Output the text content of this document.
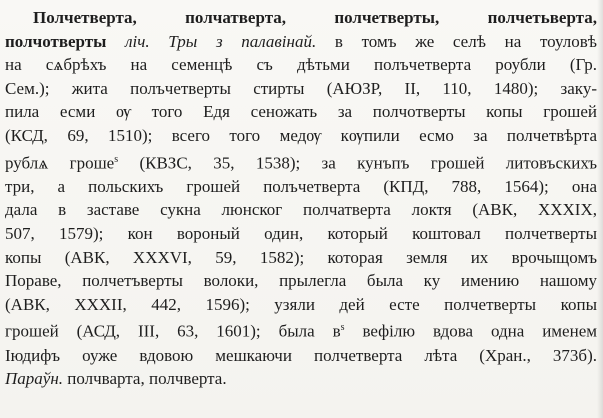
Полчетверта, полчатверта, полчетверты, полчетьверта,
полчотверты лiч. Тры з палавiнай. в томъ же селѣ на тоуловѣ
на сѧбрѣхъ на семенцѣ съ дѣтьми полъчетверта роубли (Гр.
Сем.); жита полъчетверты стирты (АЮЗР, II, 110, 1480); заку-
пила есми ѹ того Едя сеножать за полчотверты копы грошей
(КСД, 69, 1510); всего того медѹ кѹпили есмо за полчетвѣрта
рублѧ гроше$^s$ (КВЗС, 35, 1538); за кунъпъ грошей литовъскихъ
три, а польскихъ грошей полъчетверта (КПД, 788, 1564); она
дала в заставе сукна люнског полчатверта локтя (АВК, XXXIX,
507, 1579); кон вороный один, который коштовал полчетверты
копы (АВК, XXXVI, 59, 1582); которая земля их врочыщомъ
Пораве, полчетъверты волоки, прылегла была ку имению нашому
(АВК, XXXII, 442, 1596); узяли дей есте полчетверты копы
грошей (АСД, III, 63, 1601); была $в^s$ вефiлю вдова одна именем
Iюдифъ оуже вдовою мешкаючи полчетверта лѣта (Хран., 373б).
Параўн. полчварта, полчверта.
